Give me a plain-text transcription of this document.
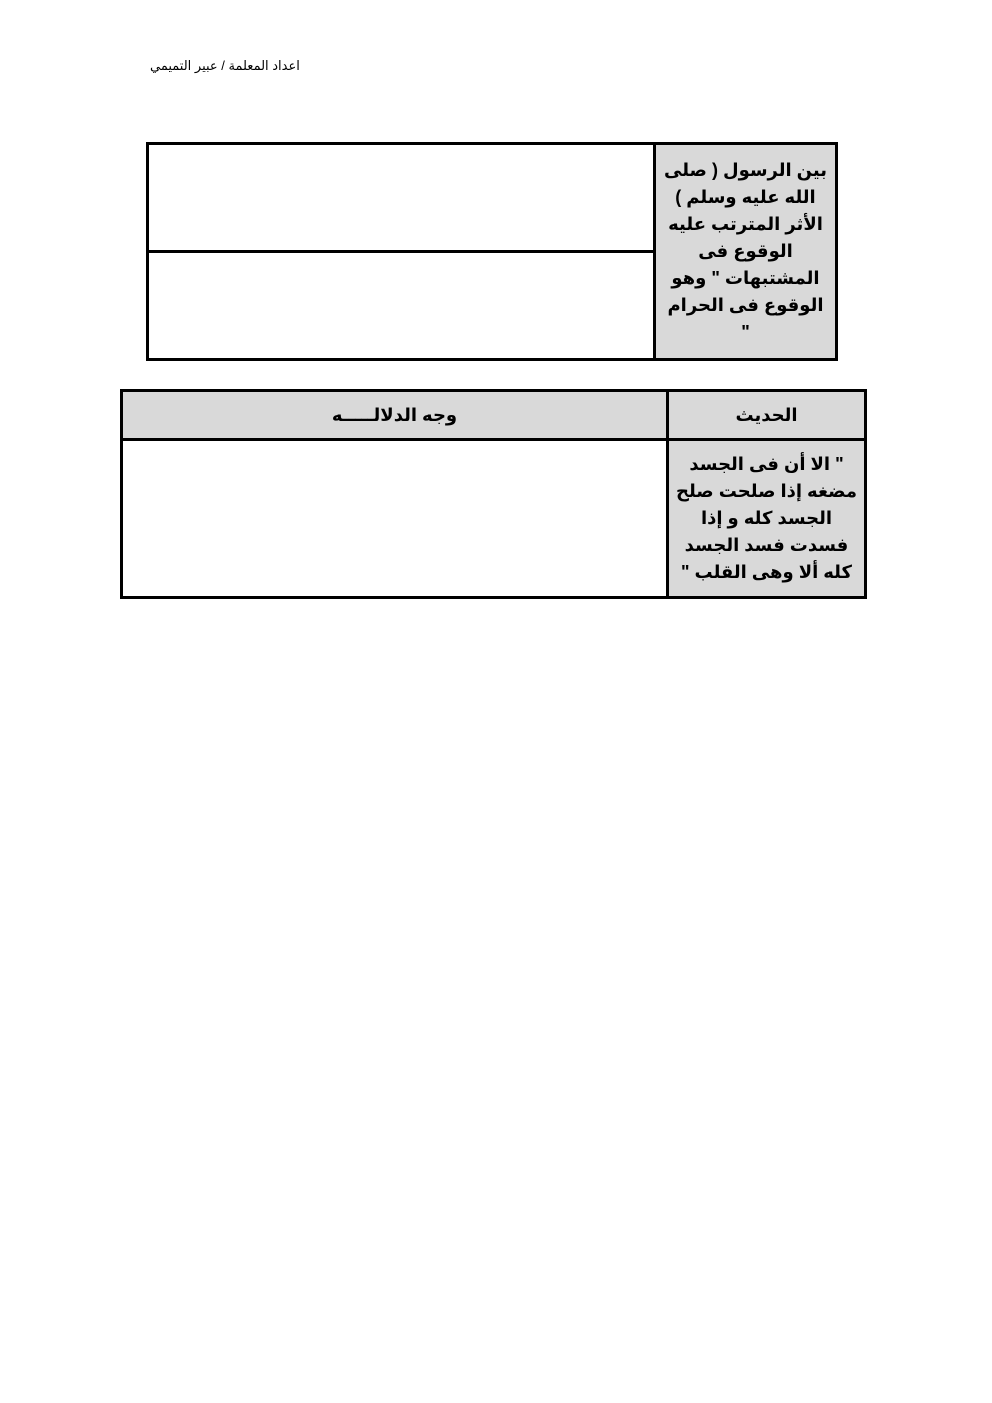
اعداد المعلمة / عبير التميمي
	بين الرسول ( صلى الله عليه وسلم ) الأثر المترتب عليه الوقوع فى المشتبهات " وهو الوقوع فى الحرام "

وجه الدلالـــــه	الحديث
	" الا أن فى الجسد مضغه إذا صلحت صلح الجسد كله و إذا فسدت فسد الجسد كله ألا وهى القلب "
